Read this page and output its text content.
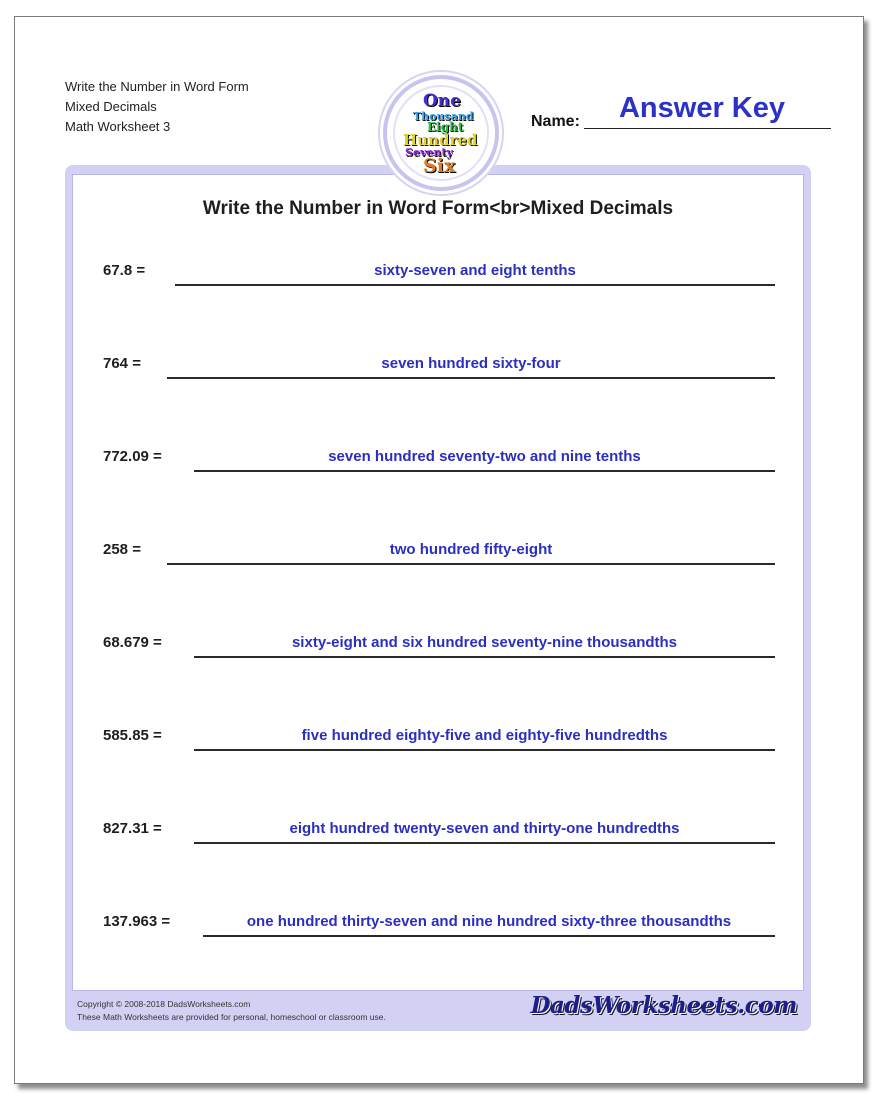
Write the Number in Word Form
Mixed Decimals
Math Worksheet 3
One
Thousand
Eight
Hundred
Seventy
Six
Name:	Answer Key
Write the Number in Word Form<br>Mixed Decimals
67.8 =	sixty-seven and eight tenths
764 =	seven hundred sixty-four
772.09 =	seven hundred seventy-two and nine tenths
258 =	two hundred fifty-eight
68.679 =	sixty-eight and six hundred seventy-nine thousandths
585.85 =	five hundred eighty-five and eighty-five hundredths
827.31 =	eight hundred twenty-seven and thirty-one hundredths
137.963 =	one hundred thirty-seven and nine hundred sixty-three thousandths
Copyright © 2008-2018 DadsWorksheets.com
These Math Worksheets are provided for personal, homeschool or classroom use.	DadsWorksheets.com
